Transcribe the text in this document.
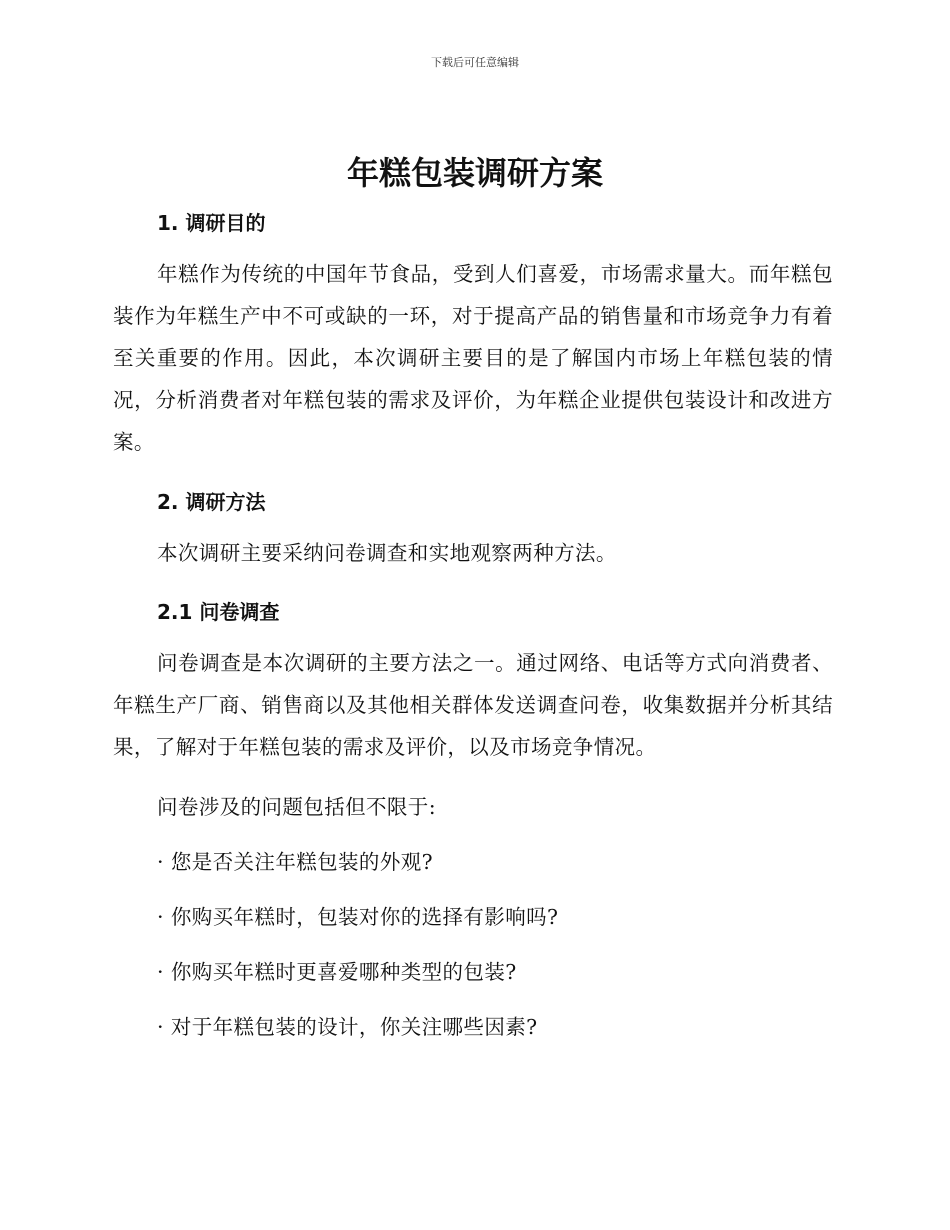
下载后可任意编辑
年糕包装调研方案
1. 调研目的

年糕作为传统的中国年节食品，受到人们喜爱，市场需求量大。而年糕包装作为年糕生产中不可或缺的一环，对于提高产品的销售量和市场竞争力有着至关重要的作用。因此，本次调研主要目的是了解国内市场上年糕包装的情况，分析消费者对年糕包装的需求及评价，为年糕企业提供包装设计和改进方案。

2. 调研方法

本次调研主要采纳问卷调查和实地观察两种方法。

2.1 问卷调查

问卷调查是本次调研的主要方法之一。通过网络、电话等方式向消费者、年糕生产厂商、销售商以及其他相关群体发送调查问卷，收集数据并分析其结果，了解对于年糕包装的需求及评价，以及市场竞争情况。

问卷涉及的问题包括但不限于:

· 您是否关注年糕包装的外观?

· 你购买年糕时，包装对你的选择有影响吗?

· 你购买年糕时更喜爱哪种类型的包装?

· 对于年糕包装的设计，你关注哪些因素?
